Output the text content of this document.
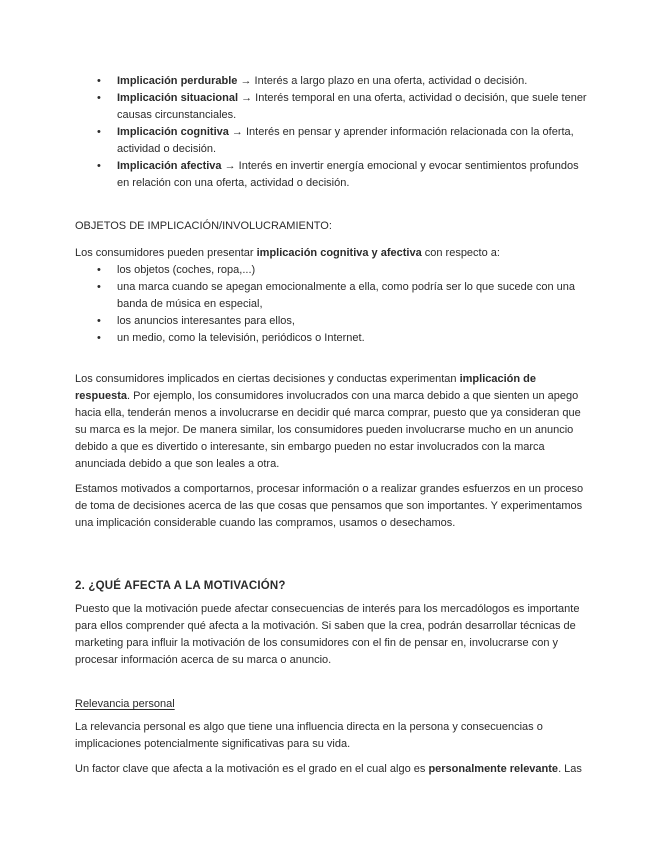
• Implicación perdurable → Interés a largo plazo en una oferta, actividad o decisión.
• Implicación situacional → Interés temporal en una oferta, actividad o decisión, que suele tener causas circunstanciales.
• Implicación cognitiva → Interés en pensar y aprender información relacionada con la oferta, actividad o decisión.
• Implicación afectiva → Interés en invertir energía emocional y evocar sentimientos profundos en relación con una oferta, actividad o decisión.
OBJETOS DE IMPLICACIÓN/INVOLUCRAMIENTO:
Los consumidores pueden presentar implicación cognitiva y afectiva con respecto a:
• los objetos (coches, ropa,...)
• una marca cuando se apegan emocionalmente a ella, como podría ser lo que sucede con una banda de música en especial,
• los anuncios interesantes para ellos,
• un medio, como la televisión, periódicos o Internet.
Los consumidores implicados en ciertas decisiones y conductas experimentan implicación de respuesta. Por ejemplo, los consumidores involucrados con una marca debido a que sienten un apego hacia ella, tenderán menos a involucrarse en decidir qué marca comprar, puesto que ya consideran que su marca es la mejor. De manera similar, los consumidores pueden involucrarse mucho en un anuncio debido a que es divertido o interesante, sin embargo pueden no estar involucrados con la marca anunciada debido a que son leales a otra.
Estamos motivados a comportarnos, procesar información o a realizar grandes esfuerzos en un proceso de toma de decisiones acerca de las que cosas que pensamos que son importantes. Y experimentamos una implicación considerable cuando las compramos, usamos o desechamos.
2. ¿QUÉ AFECTA A LA MOTIVACIÓN?
Puesto que la motivación puede afectar consecuencias de interés para los mercadólogos es importante para ellos comprender qué afecta a la motivación. Si saben que la crea, podrán desarrollar técnicas de marketing para influir la motivación de los consumidores con el fin de pensar en, involucrarse con y procesar información acerca de su marca o anuncio.
Relevancia personal
La relevancia personal es algo que tiene una influencia directa en la persona y consecuencias o implicaciones potencialmente significativas para su vida.
Un factor clave que afecta a la motivación es el grado en el cual algo es personalmente relevante. Las
